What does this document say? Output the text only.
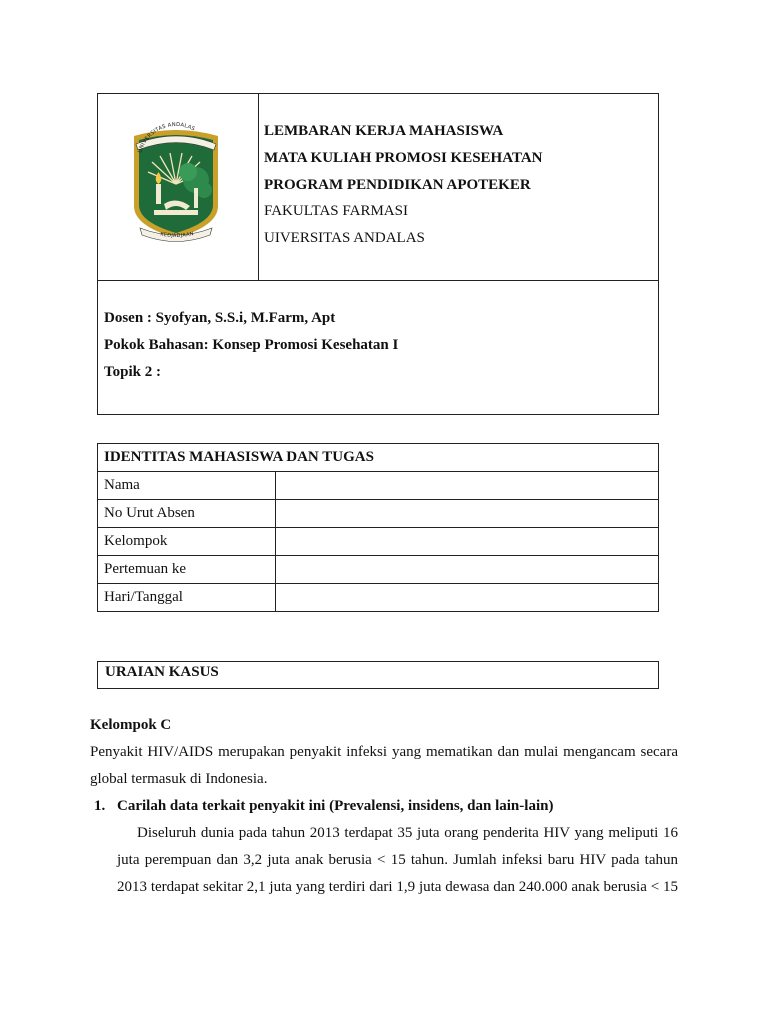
UNIVERSITAS ANDALAS
KEDJADJAAN
LEMBARAN KERJA MAHASISWA
MATA KULIAH PROMOSI KESEHATAN
PROGRAM PENDIDIKAN APOTEKER
FAKULTAS FARMASI
UIVERSITAS ANDALAS
Dosen : Syofyan, S.S.i, M.Farm, Apt
Pokok Bahasan: Konsep Promosi Kesehatan I
Topik 2 :
IDENTITAS MAHASISWA DAN TUGAS	
Nama	
No Urut Absen	
Kelompok	
Pertemuan ke	
Hari/Tanggal	
URAIAN KASUS
Kelompok C
Penyakit HIV/AIDS merupakan penyakit infeksi yang mematikan dan mulai mengancam secara
global termasuk di Indonesia.
1. Carilah data terkait penyakit ini (Prevalensi, insidens, dan lain-lain)
Diseluruh dunia pada tahun 2013 terdapat 35 juta orang penderita HIV yang meliputi 16
juta perempuan dan 3,2 juta anak berusia < 15 tahun. Jumlah infeksi baru HIV pada tahun
2013 terdapat sekitar 2,1 juta yang terdiri dari 1,9 juta dewasa dan 240.000 anak berusia < 15
